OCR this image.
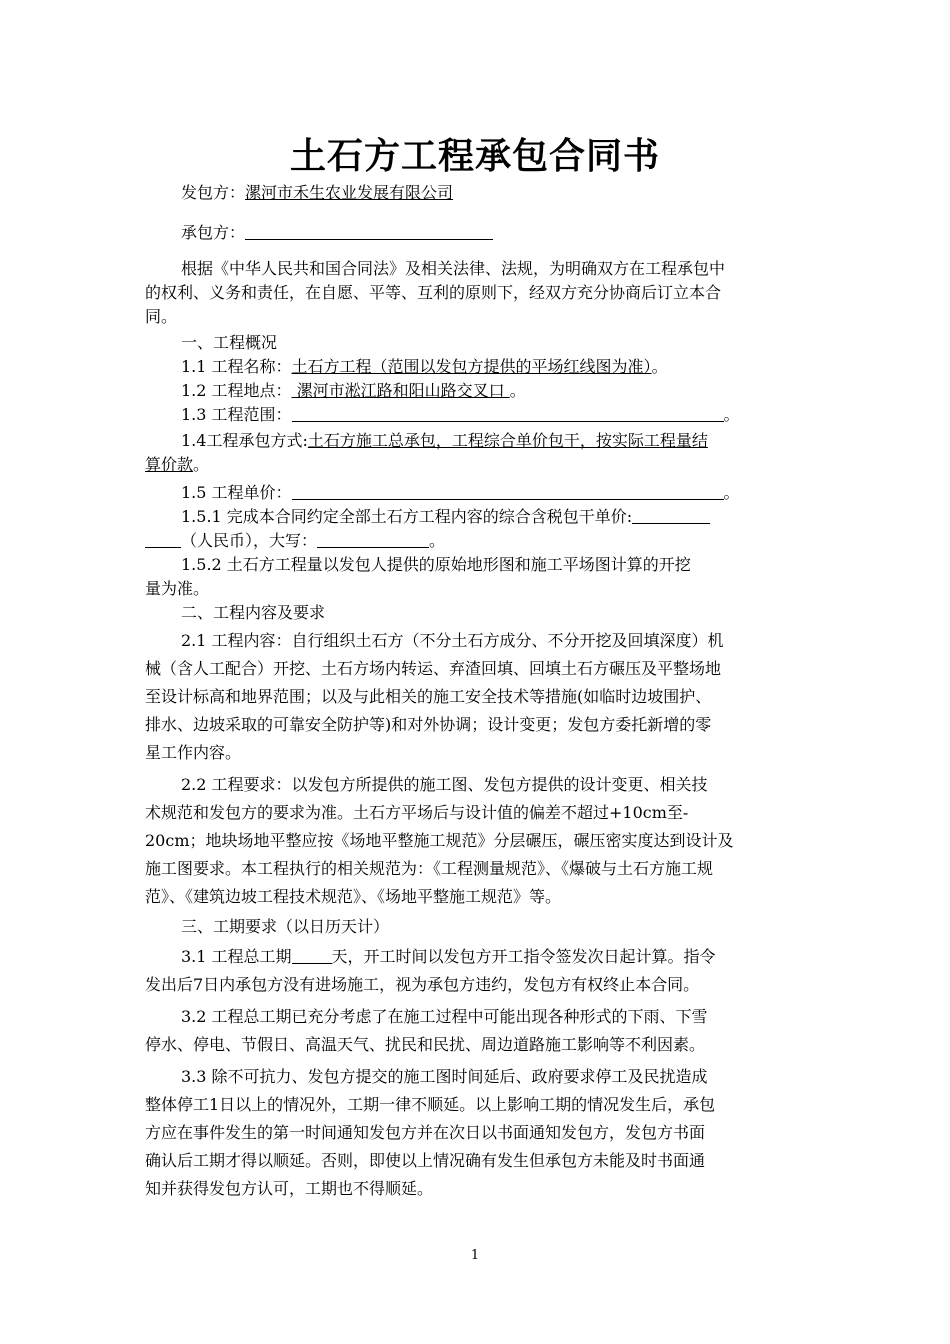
土石方工程承包合同书
发包方：漯河市禾生农业发展有限公司
承包方：
根据《中华人民共和国合同法》及相关法律、法规，为明确双方在工程承包中
的权利、义务和责任，在自愿、平等、互利的原则下，经双方充分协商后订立本合
同。
一、工程概况
1.1 工程名称：土石方工程（范围以发包方提供的平场红线图为准）。
1.2 工程地点： 漯河市淞江路和阳山路交叉口 。
1.3 工程范围：	。
1.4工程承包方式:土石方施工总承包，工程综合单价包干，按实际工程量结
算价款。
1.5 工程单价：	。
1.5.1 完成本合同约定全部土石方工程内容的综合含税包干单价:
（人民币），大写：	。
1.5.2 土石方工程量以发包人提供的原始地形图和施工平场图计算的开挖
量为准。
二、工程内容及要求
2.1 工程内容：自行组织土石方（不分土石方成分、不分开挖及回填深度）机
械（含人工配合）开挖、土石方场内转运、弃渣回填、回填土石方碾压及平整场地
至设计标高和地界范围；以及与此相关的施工安全技术等措施(如临时边坡围护、
排水、边坡采取的可靠安全防护等)和对外协调；设计变更；发包方委托新增的零
星工作内容。
2.2 工程要求：以发包方所提供的施工图、发包方提供的设计变更、相关技
术规范和发包方的要求为准。土石方平场后与设计值的偏差不超过+10cm至-
20cm；地块场地平整应按《场地平整施工规范》分层碾压，碾压密实度达到设计及
施工图要求。本工程执行的相关规范为：《工程测量规范》、《爆破与土石方施工规
范》、《建筑边坡工程技术规范》、《场地平整施工规范》等。
三、工期要求（以日历天计）
3.1 工程总工期	天，开工时间以发包方开工指令签发次日起计算。指令
发出后7日内承包方没有进场施工，视为承包方违约，发包方有权终止本合同。
3.2 工程总工期已充分考虑了在施工过程中可能出现各种形式的下雨、下雪
停水、停电、节假日、高温天气、扰民和民扰、周边道路施工影响等不利因素。
3.3 除不可抗力、发包方提交的施工图时间延后、政府要求停工及民扰造成
整体停工1日以上的情况外，工期一律不顺延。以上影响工期的情况发生后，承包
方应在事件发生的第一时间通知发包方并在次日以书面通知发包方，发包方书面
确认后工期才得以顺延。否则，即使以上情况确有发生但承包方未能及时书面通
知并获得发包方认可，工期也不得顺延。
1
